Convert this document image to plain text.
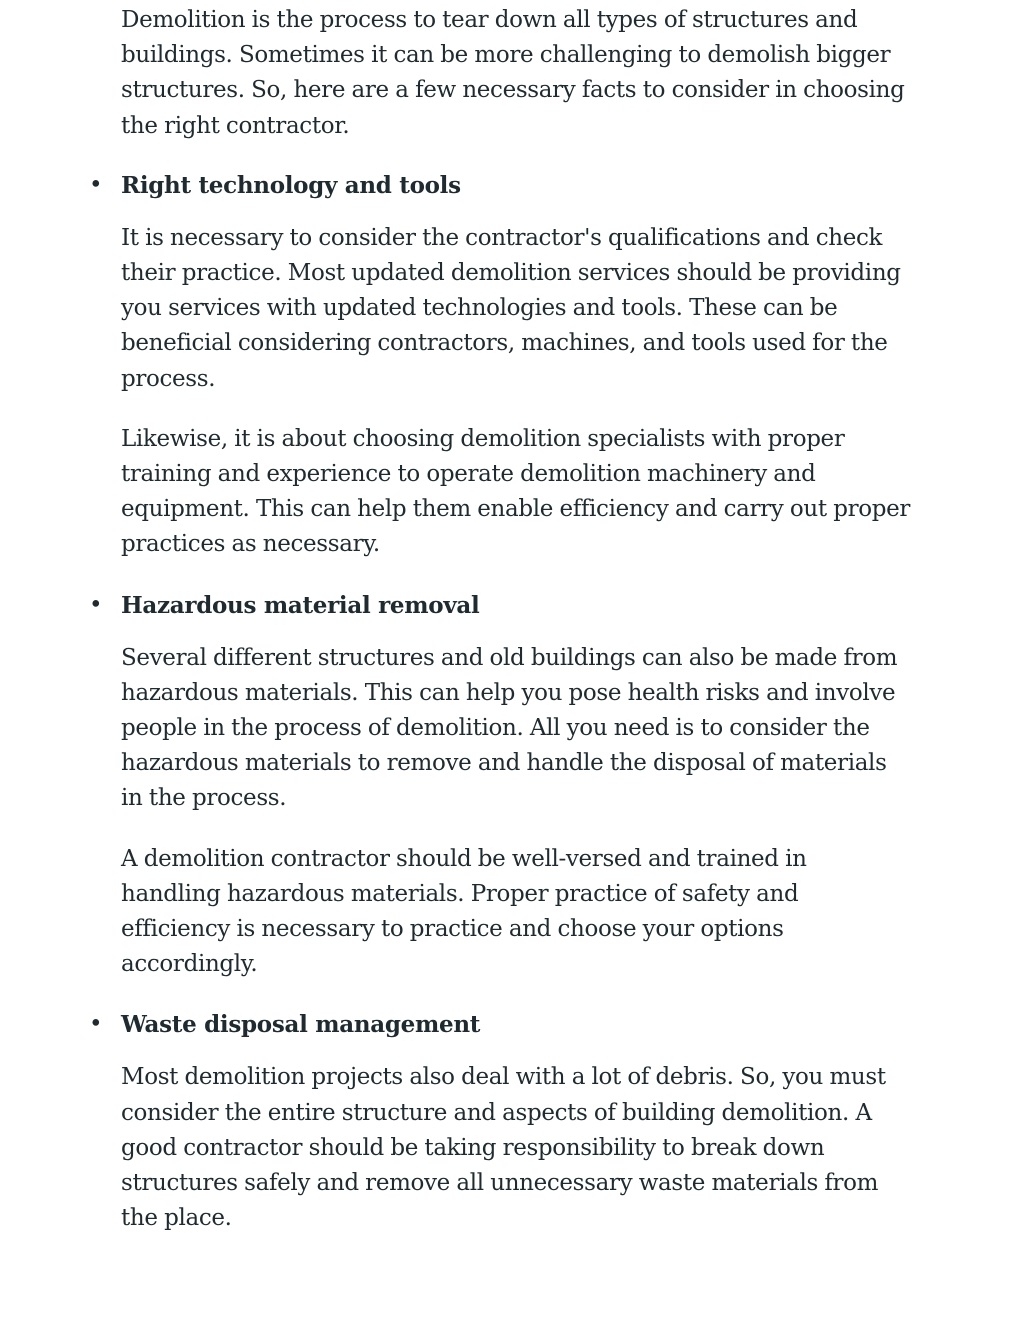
Demolition is the process to tear down all types of structures and buildings. Sometimes it can be more challenging to demolish bigger structures. So, here are a few necessary facts to consider in choosing the right contractor.

• Right technology and tools

It is necessary to consider the contractor's qualifications and check their practice. Most updated demolition services should be providing you services with updated technologies and tools. These can be beneficial considering contractors, machines, and tools used for the process.

Likewise, it is about choosing demolition specialists with proper training and experience to operate demolition machinery and equipment. This can help them enable efficiency and carry out proper practices as necessary.

• Hazardous material removal

Several different structures and old buildings can also be made from hazardous materials. This can help you pose health risks and involve people in the process of demolition. All you need is to consider the hazardous materials to remove and handle the disposal of materials in the process.

A demolition contractor should be well-versed and trained in handling hazardous materials. Proper practice of safety and efficiency is necessary to practice and choose your options accordingly.

• Waste disposal management

Most demolition projects also deal with a lot of debris. So, you must consider the entire structure and aspects of building demolition. A good contractor should be taking responsibility to break down structures safely and remove all unnecessary waste materials from the place.
